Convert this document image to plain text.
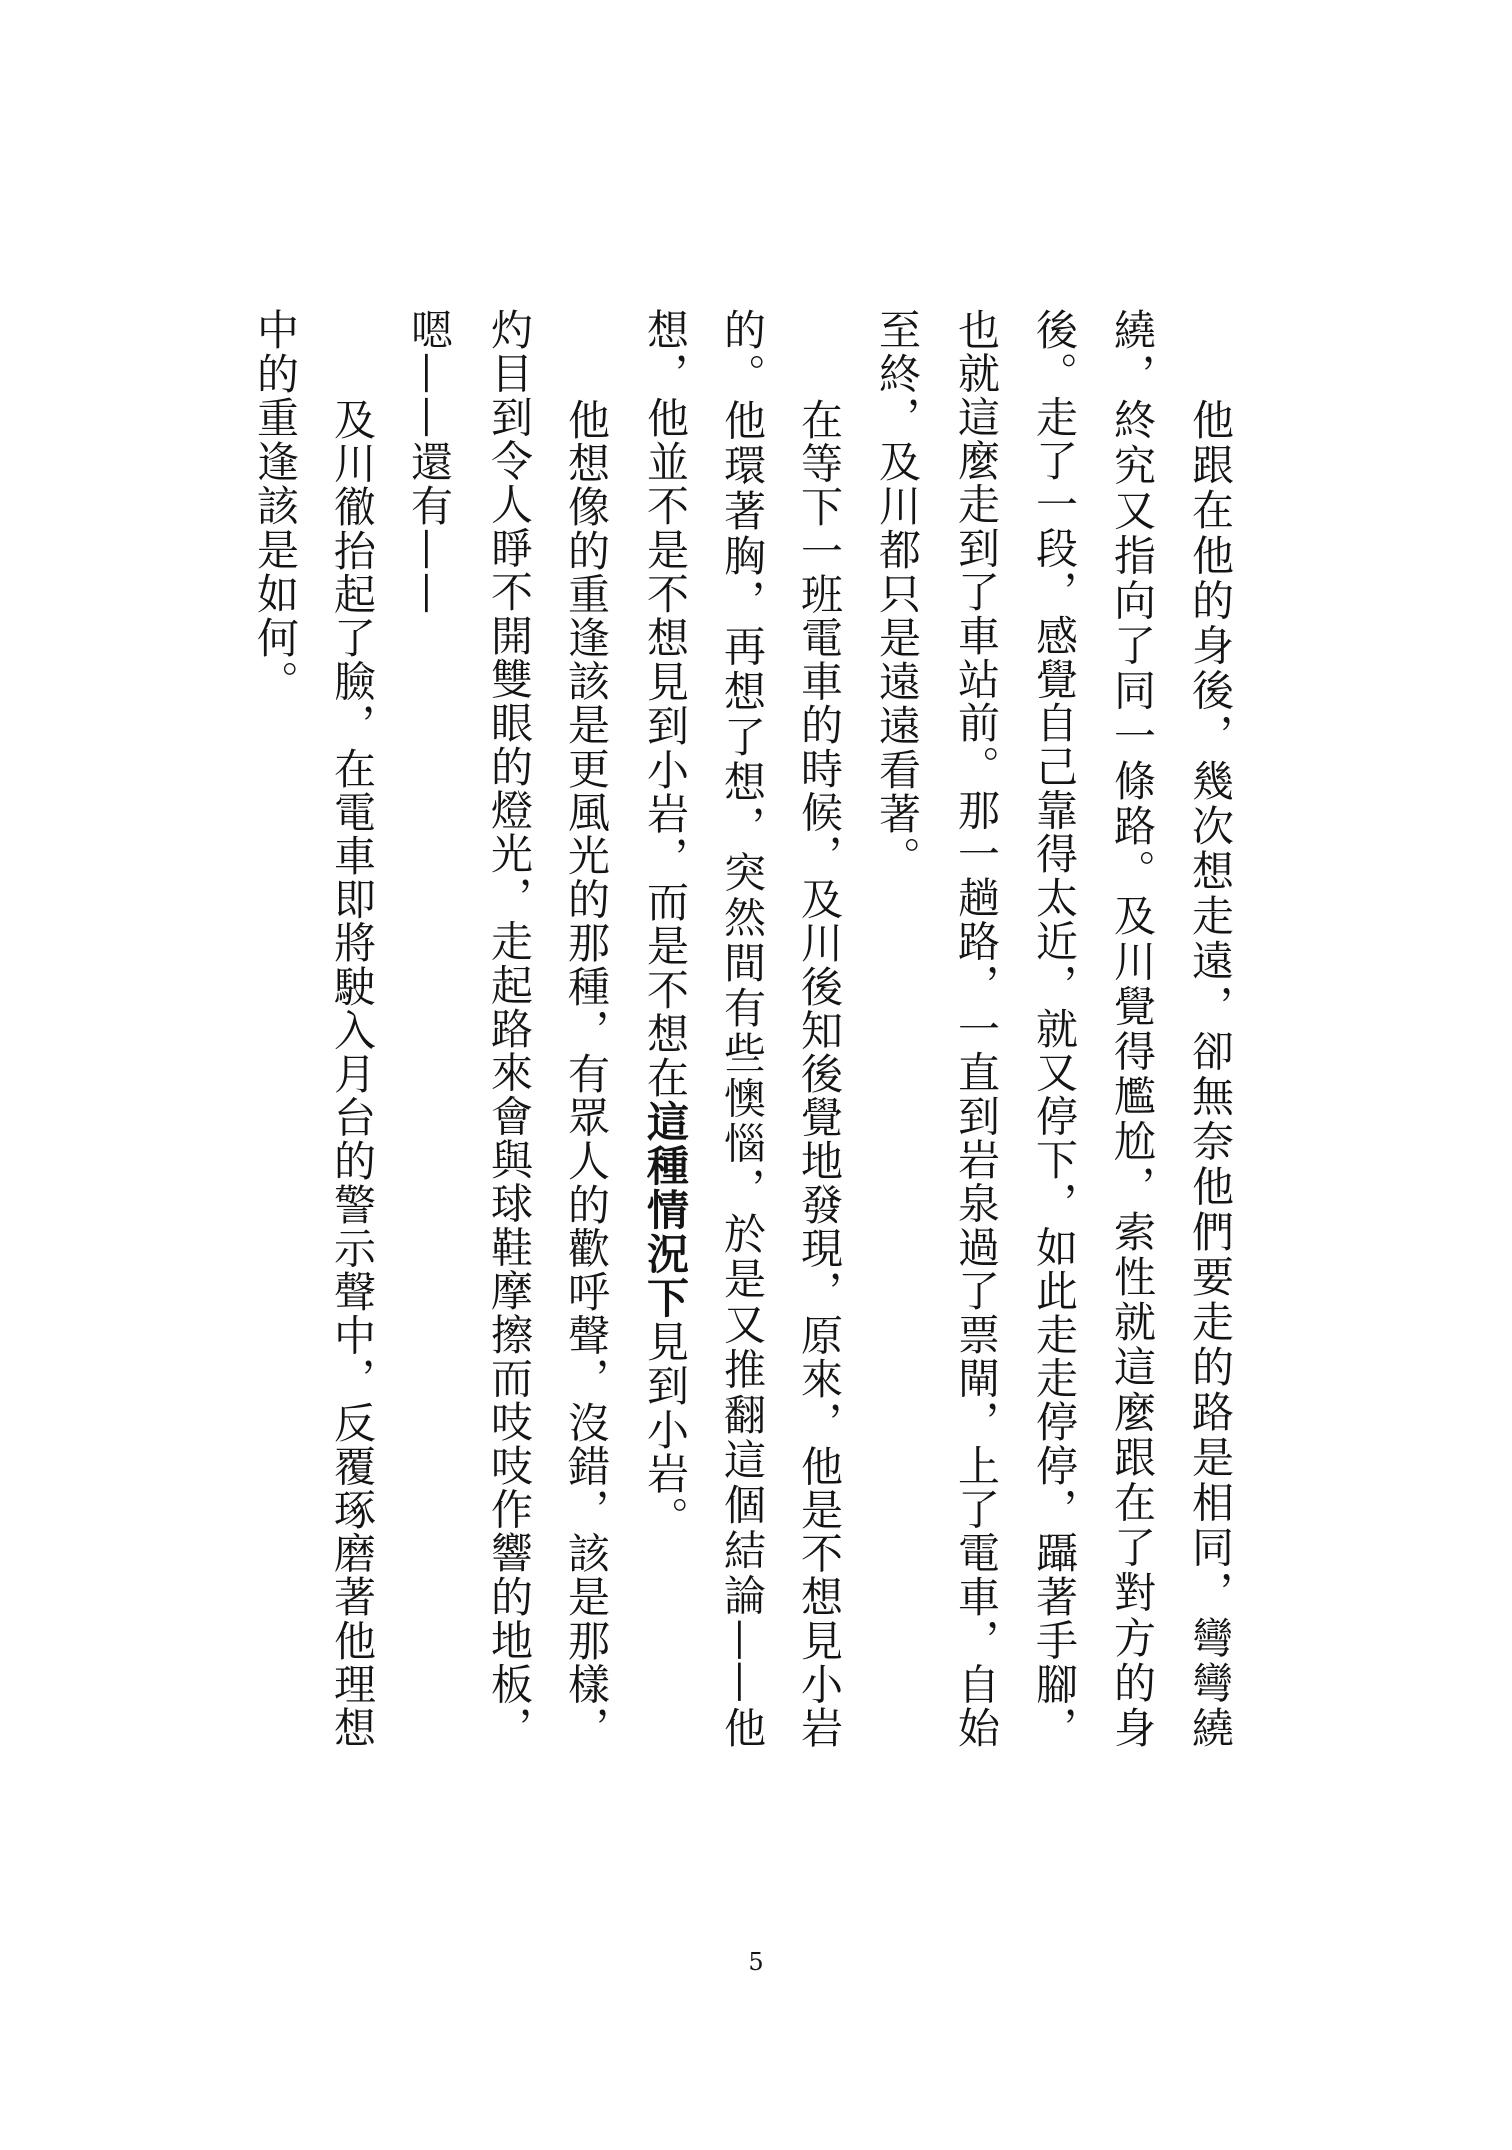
他跟在他的身後，幾次想走遠，卻無奈他們要走的路是相同，彎彎繞
繞，終究又指向了同一條路。及川覺得尷尬，索性就這麼跟在了對方的身
後。走了一段，感覺自己靠得太近，就又停下，如此走走停停，躡著手腳，
也就這麼走到了車站前。那一趟路，一直到岩泉過了票閘，上了電車，自始
至終，及川都只是遠遠看著。
在等下一班電車的時候，及川後知後覺地發現，原來，他是不想見小岩
的。他環著胸，再想了想，突然間有些懊惱，於是又推翻這個結論——他
想，他並不是不想見到小岩，而是不想在這種情況下見到小岩。
他想像的重逢該是更風光的那種，有眾人的歡呼聲，沒錯，該是那樣，
灼目到令人睜不開雙眼的燈光，走起路來會與球鞋摩擦而吱吱作響的地板，
嗯——還有——
及川徹抬起了臉，在電車即將駛入月台的警示聲中，反覆琢磨著他理想
中的重逢該是如何。
5
